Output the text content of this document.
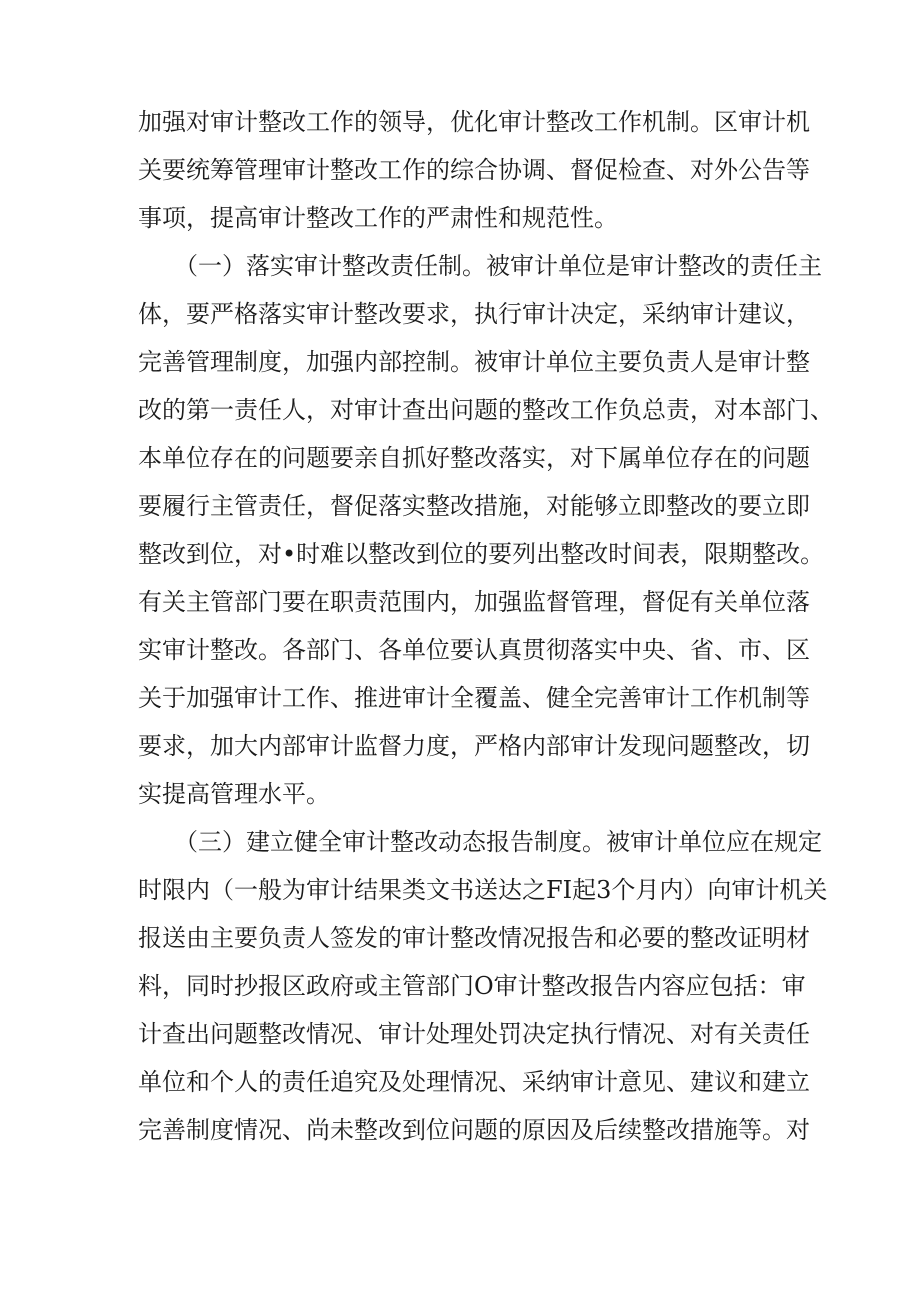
加强对审计整改工作的领导，优化审计整改工作机制。区审计机
关要统筹管理审计整改工作的综合协调、督促检查、对外公告等
事项，提高审计整改工作的严肃性和规范性。
　　（一）落实审计整改责任制。被审计单位是审计整改的责任主
体，要严格落实审计整改要求，执行审计决定，采纳审计建议，
完善管理制度，加强内部控制。被审计单位主要负责人是审计整
改的第一责任人，对审计查出问题的整改工作负总责，对本部门、
本单位存在的问题要亲自抓好整改落实，对下属单位存在的问题
要履行主管责任，督促落实整改措施，对能够立即整改的要立即
整改到位，对•时难以整改到位的要列出整改时间表，限期整改。
有关主管部门要在职责范围内，加强监督管理，督促有关单位落
实审计整改。各部门、各单位要认真贯彻落实中央、省、市、区
关于加强审计工作、推进审计全覆盖、健全完善审计工作机制等
要求，加大内部审计监督力度，严格内部审计发现问题整改，切
实提高管理水平。
　　（三）建立健全审计整改动态报告制度。被审计单位应在规定
时限内（一般为审计结果类文书送达之FI起3个月内）向审计机关
报送由主要负责人签发的审计整改情况报告和必要的整改证明材
料，同时抄报区政府或主管部门O审计整改报告内容应包括：审
计查出问题整改情况、审计处理处罚决定执行情况、对有关责任
单位和个人的责任追究及处理情况、采纳审计意见、建议和建立
完善制度情况、尚未整改到位问题的原因及后续整改措施等。对
